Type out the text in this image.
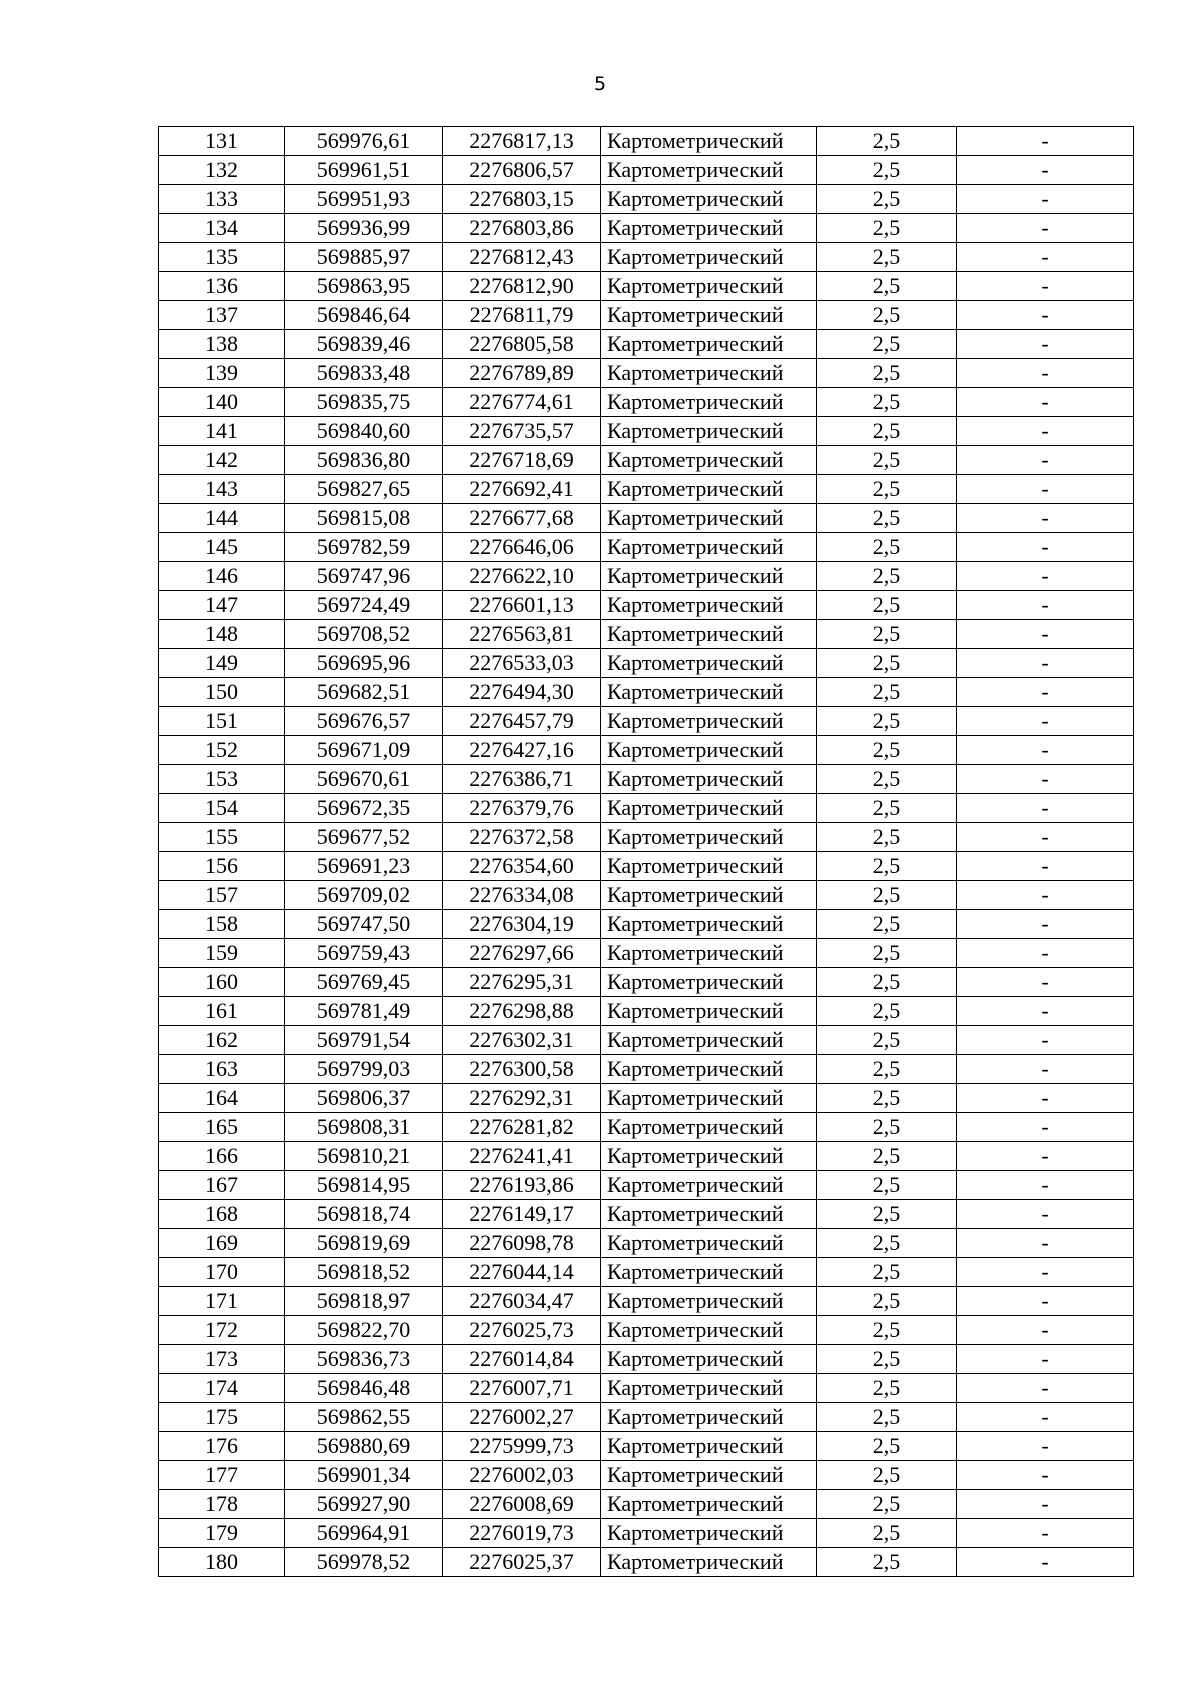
5
131	569976,61	2276817,13	Картометрический	2,5	-
132	569961,51	2276806,57	Картометрический	2,5	-
133	569951,93	2276803,15	Картометрический	2,5	-
134	569936,99	2276803,86	Картометрический	2,5	-
135	569885,97	2276812,43	Картометрический	2,5	-
136	569863,95	2276812,90	Картометрический	2,5	-
137	569846,64	2276811,79	Картометрический	2,5	-
138	569839,46	2276805,58	Картометрический	2,5	-
139	569833,48	2276789,89	Картометрический	2,5	-
140	569835,75	2276774,61	Картометрический	2,5	-
141	569840,60	2276735,57	Картометрический	2,5	-
142	569836,80	2276718,69	Картометрический	2,5	-
143	569827,65	2276692,41	Картометрический	2,5	-
144	569815,08	2276677,68	Картометрический	2,5	-
145	569782,59	2276646,06	Картометрический	2,5	-
146	569747,96	2276622,10	Картометрический	2,5	-
147	569724,49	2276601,13	Картометрический	2,5	-
148	569708,52	2276563,81	Картометрический	2,5	-
149	569695,96	2276533,03	Картометрический	2,5	-
150	569682,51	2276494,30	Картометрический	2,5	-
151	569676,57	2276457,79	Картометрический	2,5	-
152	569671,09	2276427,16	Картометрический	2,5	-
153	569670,61	2276386,71	Картометрический	2,5	-
154	569672,35	2276379,76	Картометрический	2,5	-
155	569677,52	2276372,58	Картометрический	2,5	-
156	569691,23	2276354,60	Картометрический	2,5	-
157	569709,02	2276334,08	Картометрический	2,5	-
158	569747,50	2276304,19	Картометрический	2,5	-
159	569759,43	2276297,66	Картометрический	2,5	-
160	569769,45	2276295,31	Картометрический	2,5	-
161	569781,49	2276298,88	Картометрический	2,5	-
162	569791,54	2276302,31	Картометрический	2,5	-
163	569799,03	2276300,58	Картометрический	2,5	-
164	569806,37	2276292,31	Картометрический	2,5	-
165	569808,31	2276281,82	Картометрический	2,5	-
166	569810,21	2276241,41	Картометрический	2,5	-
167	569814,95	2276193,86	Картометрический	2,5	-
168	569818,74	2276149,17	Картометрический	2,5	-
169	569819,69	2276098,78	Картометрический	2,5	-
170	569818,52	2276044,14	Картометрический	2,5	-
171	569818,97	2276034,47	Картометрический	2,5	-
172	569822,70	2276025,73	Картометрический	2,5	-
173	569836,73	2276014,84	Картометрический	2,5	-
174	569846,48	2276007,71	Картометрический	2,5	-
175	569862,55	2276002,27	Картометрический	2,5	-
176	569880,69	2275999,73	Картометрический	2,5	-
177	569901,34	2276002,03	Картометрический	2,5	-
178	569927,90	2276008,69	Картометрический	2,5	-
179	569964,91	2276019,73	Картометрический	2,5	-
180	569978,52	2276025,37	Картометрический	2,5	-
